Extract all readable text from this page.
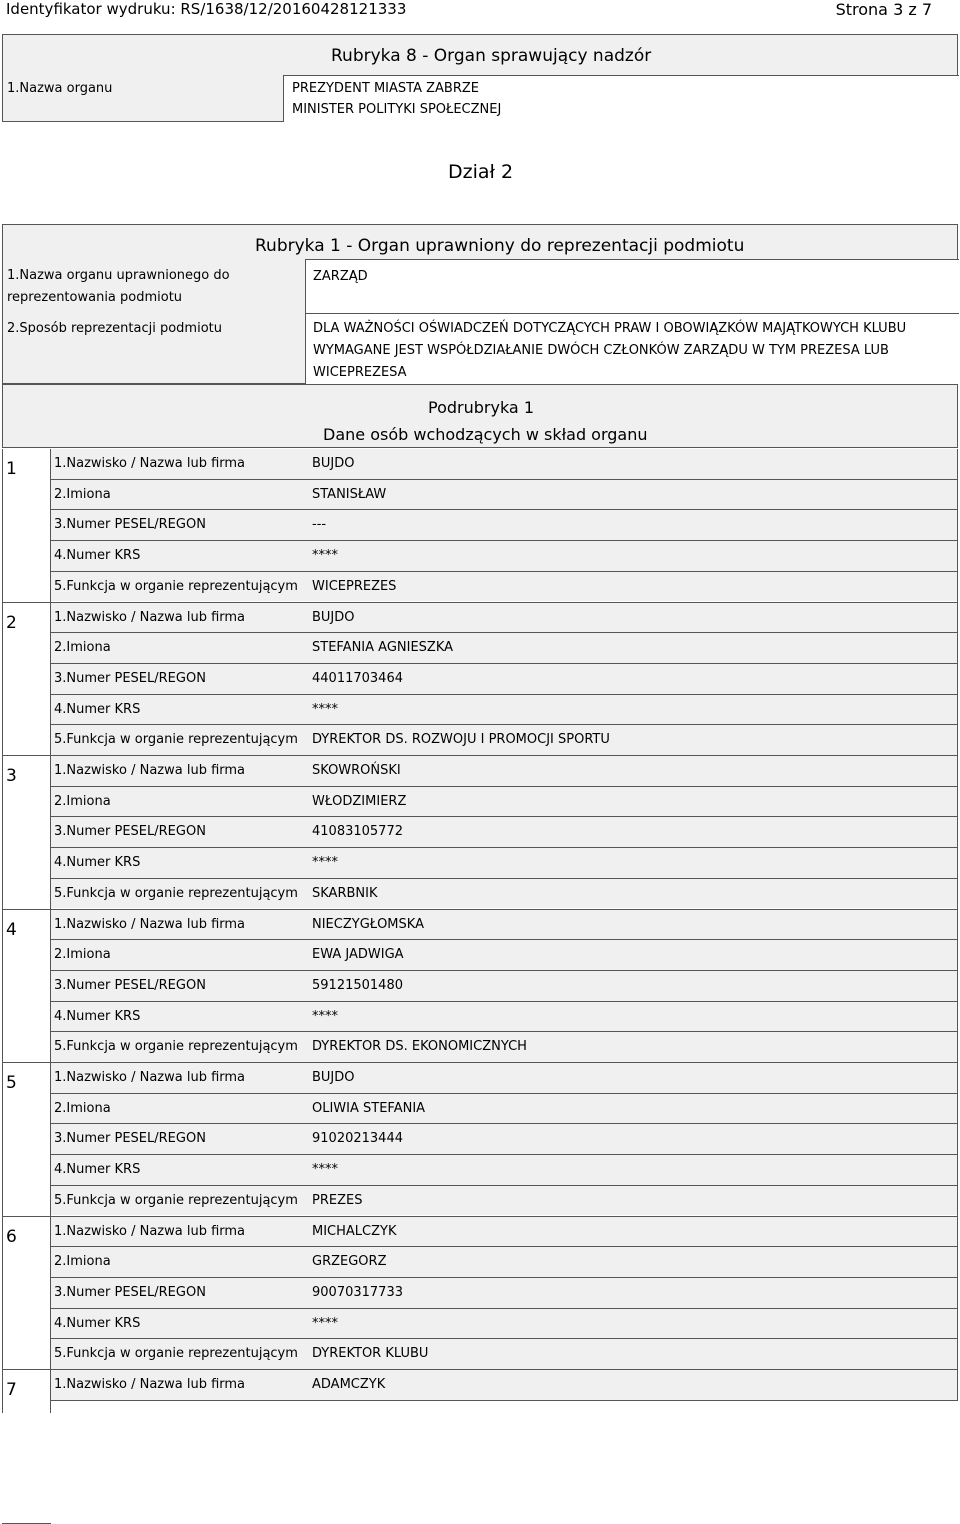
Identyfikator wydruku: RS/1638/12/20160428121333	Strona 3 z 7
Rubryka 8 - Organ sprawujący nadzór
1.Nazwa organu	PREZYDENT MIASTA ZABRZE
MINISTER POLITYKI SPOŁECZNEJ
Dział 2
Rubryka 1 - Organ uprawniony do reprezentacji podmiotu
1.Nazwa organu uprawnionego do
reprezentowania podmiotu
ZARZĄD
2.Sposób reprezentacji podmiotu	DLA WAŻNOŚCI OŚWIADCZEŃ DOTYCZĄCYCH PRAW I OBOWIĄZKÓW MAJĄTKOWYCH KLUBU
WYMAGANE JEST WSPÓŁDZIAŁANIE DWÓCH CZŁONKÓW ZARZĄDU W TYM PREZESA LUB
WICEPREZESA
Podrubryka 1
Dane osób wchodzących w skład organu
1	1.Nazwisko / Nazwa lub firma	BUJDO
2.Imiona	STANISŁAW
3.Numer PESEL/REGON	---
4.Numer KRS	****
5.Funkcja w organie reprezentującym WICEPREZES
2	1.Nazwisko / Nazwa lub firma	BUJDO
2.Imiona	STEFANIA AGNIESZKA
3.Numer PESEL/REGON	44011703464
4.Numer KRS	****
5.Funkcja w organie reprezentującym DYREKTOR DS. ROZWOJU I PROMOCJI SPORTU
3	1.Nazwisko / Nazwa lub firma	SKOWROŃSKI
2.Imiona	WŁODZIMIERZ
3.Numer PESEL/REGON	41083105772
4.Numer KRS	****
5.Funkcja w organie reprezentującym SKARBNIK
4	1.Nazwisko / Nazwa lub firma	NIECZYGŁOMSKA
2.Imiona	EWA JADWIGA
3.Numer PESEL/REGON	59121501480
4.Numer KRS	****
5.Funkcja w organie reprezentującym DYREKTOR DS. EKONOMICZNYCH
5	1.Nazwisko / Nazwa lub firma	BUJDO
2.Imiona	OLIWIA STEFANIA
3.Numer PESEL/REGON	91020213444
4.Numer KRS	****
5.Funkcja w organie reprezentującym PREZES
6	1.Nazwisko / Nazwa lub firma	MICHALCZYK
2.Imiona	GRZEGORZ
3.Numer PESEL/REGON	90070317733
4.Numer KRS	****
5.Funkcja w organie reprezentującym DYREKTOR KLUBU
7	1.Nazwisko / Nazwa lub firma	ADAMCZYK
